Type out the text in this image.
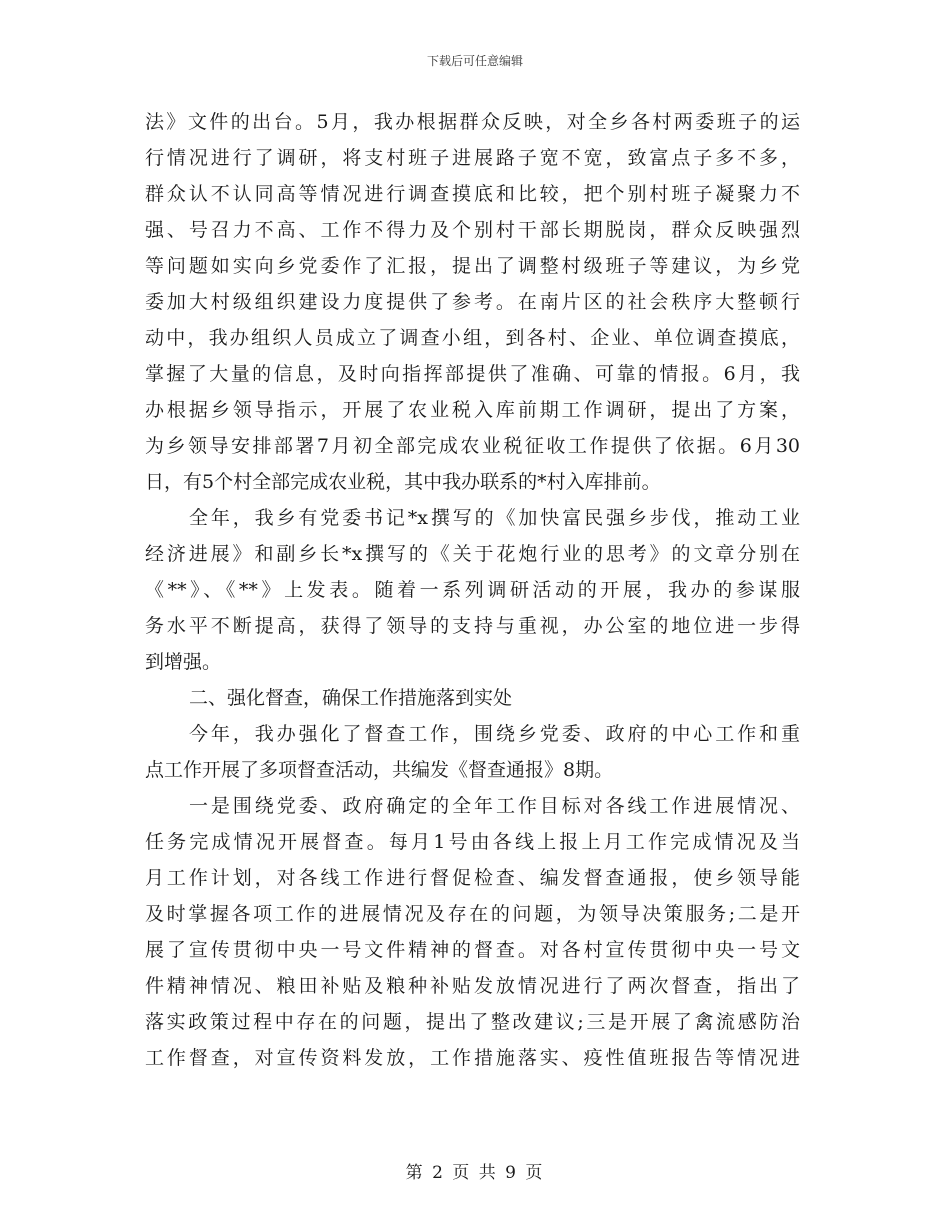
下载后可任意编辑
法》文件的出台。5月，我办根据群众反映，对全乡各村两委班子的运
行情况进行了调研，将支村班子进展路子宽不宽，致富点子多不多，
群众认不认同高等情况进行调查摸底和比较，把个别村班子凝聚力不
强、号召力不高、工作不得力及个别村干部长期脱岗，群众反映强烈
等问题如实向乡党委作了汇报，提出了调整村级班子等建议，为乡党
委加大村级组织建设力度提供了参考。在南片区的社会秩序大整顿行
动中，我办组织人员成立了调查小组，到各村、企业、单位调查摸底，
掌握了大量的信息，及时向指挥部提供了准确、可靠的情报。6月，我
办根据乡领导指示，开展了农业税入库前期工作调研，提出了方案，
为乡领导安排部署7月初全部完成农业税征收工作提供了依据。6月30
日，有5个村全部完成农业税，其中我办联系的*村入库排前。
全年，我乡有党委书记*x撰写的《加快富民强乡步伐，推动工业
经济进展》和副乡长*x撰写的《关于花炮行业的思考》的文章分别在
《**》、《**》上发表。随着一系列调研活动的开展，我办的参谋服
务水平不断提高，获得了领导的支持与重视，办公室的地位进一步得
到增强。
二、强化督查，确保工作措施落到实处
今年，我办强化了督查工作，围绕乡党委、政府的中心工作和重
点工作开展了多项督查活动，共编发《督查通报》8期。
一是围绕党委、政府确定的全年工作目标对各线工作进展情况、
任务完成情况开展督查。每月1号由各线上报上月工作完成情况及当
月工作计划，对各线工作进行督促检查、编发督查通报，使乡领导能
及时掌握各项工作的进展情况及存在的问题，为领导决策服务;二是开
展了宣传贯彻中央一号文件精神的督查。对各村宣传贯彻中央一号文
件精神情况、粮田补贴及粮种补贴发放情况进行了两次督查，指出了
落实政策过程中存在的问题，提出了整改建议;三是开展了禽流感防治
工作督查，对宣传资料发放，工作措施落实、疫性值班报告等情况进
第 2 页 共 9 页
